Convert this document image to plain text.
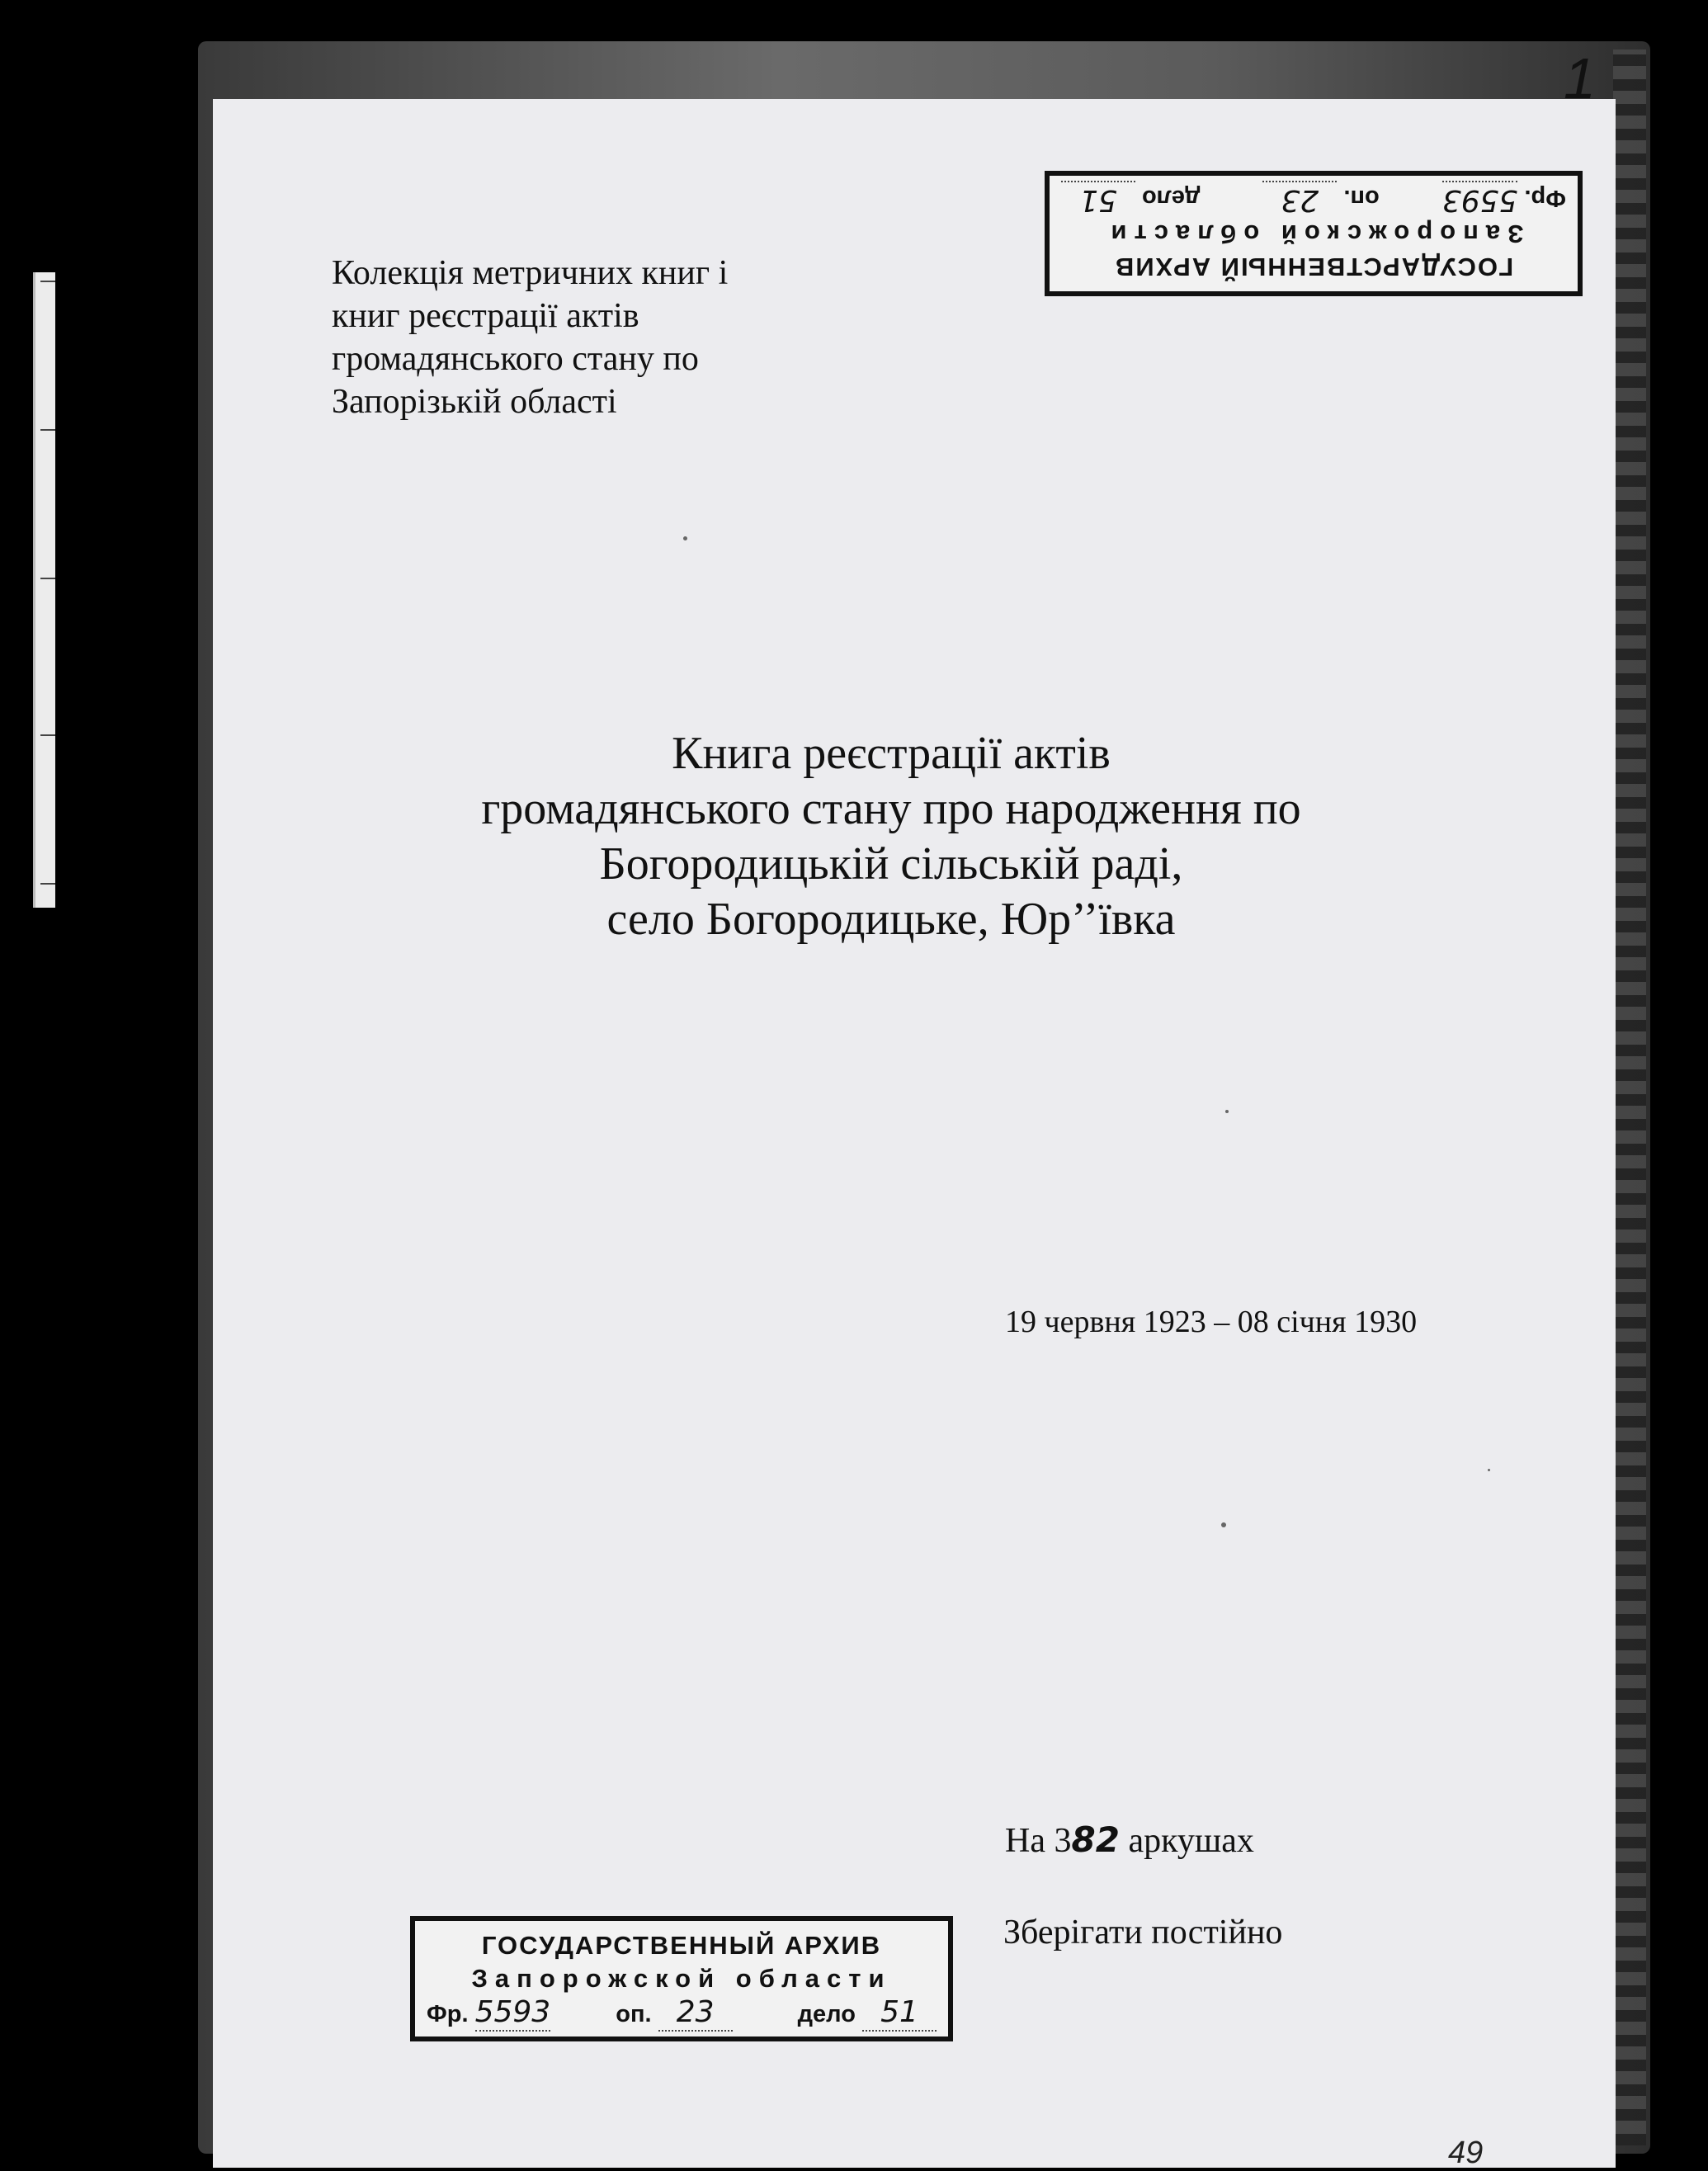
1
Колекція метричних книг і
книг реєстрації актів
громадянського стану по
Запорізькій області
ГОСУДАРСТВЕННЫЙ АРХИВ
Запорожской области
Фр. 5593
оп. 23
дело 51
Книга реєстрації актів
громадянського стану про народження по
Богородицькій сільській раді,
село Богородицьке, Юр’’ївка
19 червня 1923 – 08 січня 1930
На 382 аркушах
Зберігати постійно
ГОСУДАРСТВЕННЫЙ АРХИВ
Запорожской области
Фр. 5593	оп. 23	дело 51
49
